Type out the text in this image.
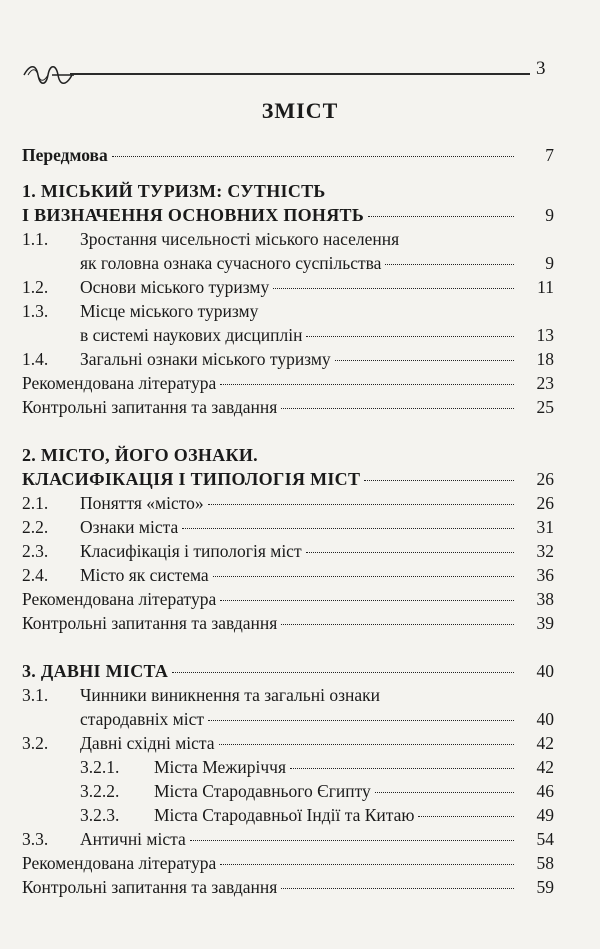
3
ЗМІСТ
Передмова	7
1. МІСЬКИЙ ТУРИЗМ: СУТНІСТЬ
І ВИЗНАЧЕННЯ ОСНОВНИХ ПОНЯТЬ	9
1.1. Зростання чисельності міського населення
як головна ознака сучасного суспільства	9
1.2. Основи міського туризму	11
1.3. Місце міського туризму
в системі наукових дисциплін	13
1.4. Загальні ознаки міського туризму	18
Рекомендована література	23
Контрольні запитання та завдання	25
2. МІСТО, ЙОГО ОЗНАКИ.
КЛАСИФІКАЦІЯ І ТИПОЛОГІЯ МІСТ	26
2.1. Поняття «місто»	26
2.2. Ознаки міста	31
2.3. Класифікація і типологія міст	32
2.4. Місто як система	36
Рекомендована література	38
Контрольні запитання та завдання	39
3. ДАВНІ МІСТА	40
3.1. Чинники виникнення та загальні ознаки
стародавніх міст	40
3.2. Давні східні міста	42
3.2.1. Міста Межиріччя	42
3.2.2. Міста Стародавнього Єгипту	46
3.2.3. Міста Стародавньої Індії та Китаю	49
3.3. Античні міста	54
Рекомендована література	58
Контрольні запитання та завдання	59
